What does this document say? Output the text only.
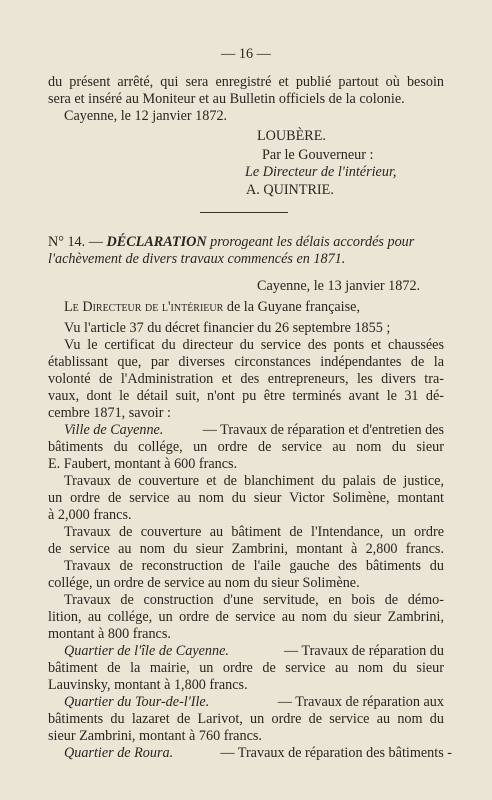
— 16 —
du présent arrêté, qui sera enregistré et publié partout où besoin
sera et inséré au Moniteur et au Bulletin officiels de la colonie.
Cayenne, le 12 janvier 1872.
LOUBÈRE.
Par le Gouverneur :
Le Directeur de l'intérieur,
A. QUINTRIE.
N° 14. — DÉCLARATION prorogeant les délais accordés pour
l'achèvement de divers travaux commencés en 1871.
Cayenne, le 13 janvier 1872.
Le Directeur de l'intérieur de la Guyane française,
Vu l'article 37 du décret financier du 26 septembre 1855 ;
Vu le certificat du directeur du service des ponts et chaussées
établissant que, par diverses circonstances indépendantes de la
volonté de l'Administration et des entrepreneurs, les divers tra-
vaux, dont le détail suit, n'ont pu être terminés avant le 31 dé-
cembre 1871, savoir :
Ville de Cayenne.	— Travaux de réparation et d'entretien des
bâtiments du collége, un ordre de service au nom du sieur
E. Faubert, montant à 600 francs.
Travaux de couverture et de blanchiment du palais de justice,
un ordre de service au nom du sieur Victor Solimène, montant
à 2,000 francs.
Travaux de couverture au bâtiment de l'Intendance, un ordre
de service au nom du sieur Zambrini, montant à 2,800 francs.
Travaux de reconstruction de l'aile gauche des bâtiments du
collége, un ordre de service au nom du sieur Solimène.
Travaux de construction d'une servitude, en bois de démo-
lition, au collége, un ordre de service au nom du sieur Zambrini,
montant à 800 francs.
Quartier de l'île de Cayenne.	— Travaux de réparation du
bâtiment de la mairie, un ordre de service au nom du sieur
Lauvinsky, montant à 1,800 francs.
Quartier du Tour-de-l'Ile.	— Travaux de réparation aux
bâtiments du lazaret de Larivot, un ordre de service au nom du
sieur Zambrini, montant à 760 francs.
Quartier de Roura.	— Travaux de réparation des bâtiments -
